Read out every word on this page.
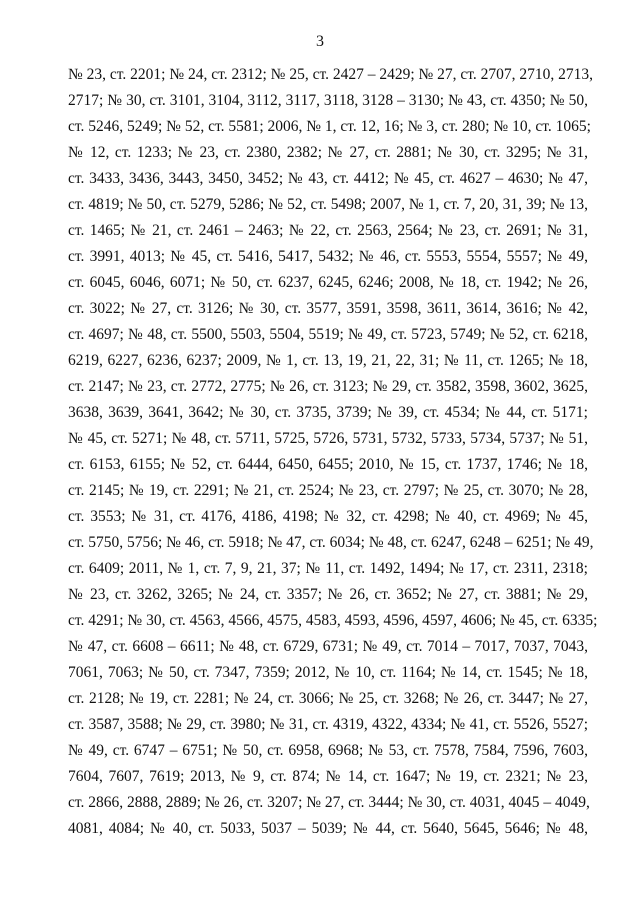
3
№ 23, ст. 2201; № 24, ст. 2312; № 25, ст. 2427 – 2429; № 27, ст. 2707, 2710, 2713,
2717; № 30, ст. 3101, 3104, 3112, 3117, 3118, 3128 – 3130; № 43, ст. 4350; № 50,
ст. 5246, 5249; № 52, ст. 5581; 2006, № 1, ст. 12, 16; № 3, ст. 280; № 10, ст. 1065;
№ 12, ст. 1233; № 23, ст. 2380, 2382; № 27, ст. 2881; № 30, ст. 3295; № 31,
ст. 3433, 3436, 3443, 3450, 3452; № 43, ст. 4412; № 45, ст. 4627 – 4630; № 47,
ст. 4819; № 50, ст. 5279, 5286; № 52, ст. 5498; 2007, № 1, ст. 7, 20, 31, 39; № 13,
ст. 1465; № 21, ст. 2461 – 2463; № 22, ст. 2563, 2564; № 23, ст. 2691; № 31,
ст. 3991, 4013; № 45, ст. 5416, 5417, 5432; № 46, ст. 5553, 5554, 5557; № 49,
ст. 6045, 6046, 6071; № 50, ст. 6237, 6245, 6246; 2008, № 18, ст. 1942; № 26,
ст. 3022; № 27, ст. 3126; № 30, ст. 3577, 3591, 3598, 3611, 3614, 3616; № 42,
ст. 4697; № 48, ст. 5500, 5503, 5504, 5519; № 49, ст. 5723, 5749; № 52, ст. 6218,
6219, 6227, 6236, 6237; 2009, № 1, ст. 13, 19, 21, 22, 31; № 11, ст. 1265; № 18,
ст. 2147; № 23, ст. 2772, 2775; № 26, ст. 3123; № 29, ст. 3582, 3598, 3602, 3625,
3638, 3639, 3641, 3642; № 30, ст. 3735, 3739; № 39, ст. 4534; № 44, ст. 5171;
№ 45, ст. 5271; № 48, ст. 5711, 5725, 5726, 5731, 5732, 5733, 5734, 5737; № 51,
ст. 6153, 6155; № 52, ст. 6444, 6450, 6455; 2010, № 15, ст. 1737, 1746; № 18,
ст. 2145; № 19, ст. 2291; № 21, ст. 2524; № 23, ст. 2797; № 25, ст. 3070; № 28,
ст. 3553; № 31, ст. 4176, 4186, 4198; № 32, ст. 4298; № 40, ст. 4969; № 45,
ст. 5750, 5756; № 46, ст. 5918; № 47, ст. 6034; № 48, ст. 6247, 6248 – 6251; № 49,
ст. 6409; 2011, № 1, ст. 7, 9, 21, 37; № 11, ст. 1492, 1494; № 17, ст. 2311, 2318;
№ 23, ст. 3262, 3265; № 24, ст. 3357; № 26, ст. 3652; № 27, ст. 3881; № 29,
ст. 4291; № 30, ст. 4563, 4566, 4575, 4583, 4593, 4596, 4597, 4606; № 45, ст. 6335;
№ 47, ст. 6608 – 6611; № 48, ст. 6729, 6731; № 49, ст. 7014 – 7017, 7037, 7043,
7061, 7063; № 50, ст. 7347, 7359; 2012, № 10, ст. 1164; № 14, ст. 1545; № 18,
ст. 2128; № 19, ст. 2281; № 24, ст. 3066; № 25, ст. 3268; № 26, ст. 3447; № 27,
ст. 3587, 3588; № 29, ст. 3980; № 31, ст. 4319, 4322, 4334; № 41, ст. 5526, 5527;
№ 49, ст. 6747 – 6751; № 50, ст. 6958, 6968; № 53, ст. 7578, 7584, 7596, 7603,
7604, 7607, 7619; 2013, № 9, ст. 874; № 14, ст. 1647; № 19, ст. 2321; № 23,
ст. 2866, 2888, 2889; № 26, ст. 3207; № 27, ст. 3444; № 30, ст. 4031, 4045 – 4049,
4081, 4084; № 40, ст. 5033, 5037 – 5039; № 44, ст. 5640, 5645, 5646; № 48,
